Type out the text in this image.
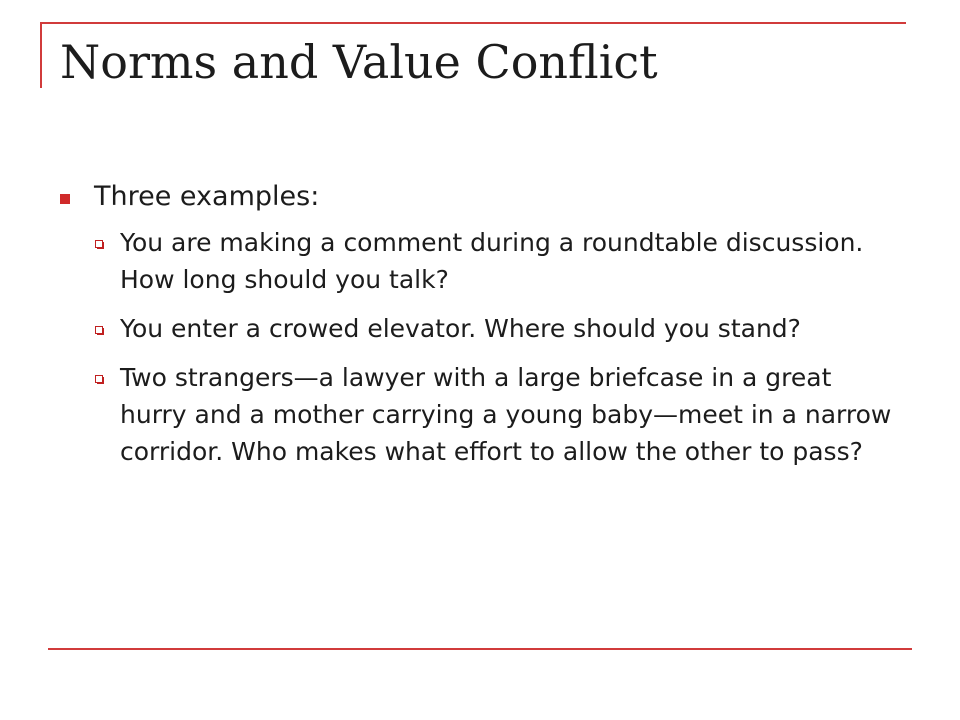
Norms and Value Conflict
Three examples:
You are making a comment during a roundtable discussion. How long should you talk?
You enter a crowed elevator. Where should you stand?
Two strangers—a lawyer with a large briefcase in a great hurry and a mother carrying a young baby—meet in a narrow corridor. Who makes what effort to allow the other to pass?
